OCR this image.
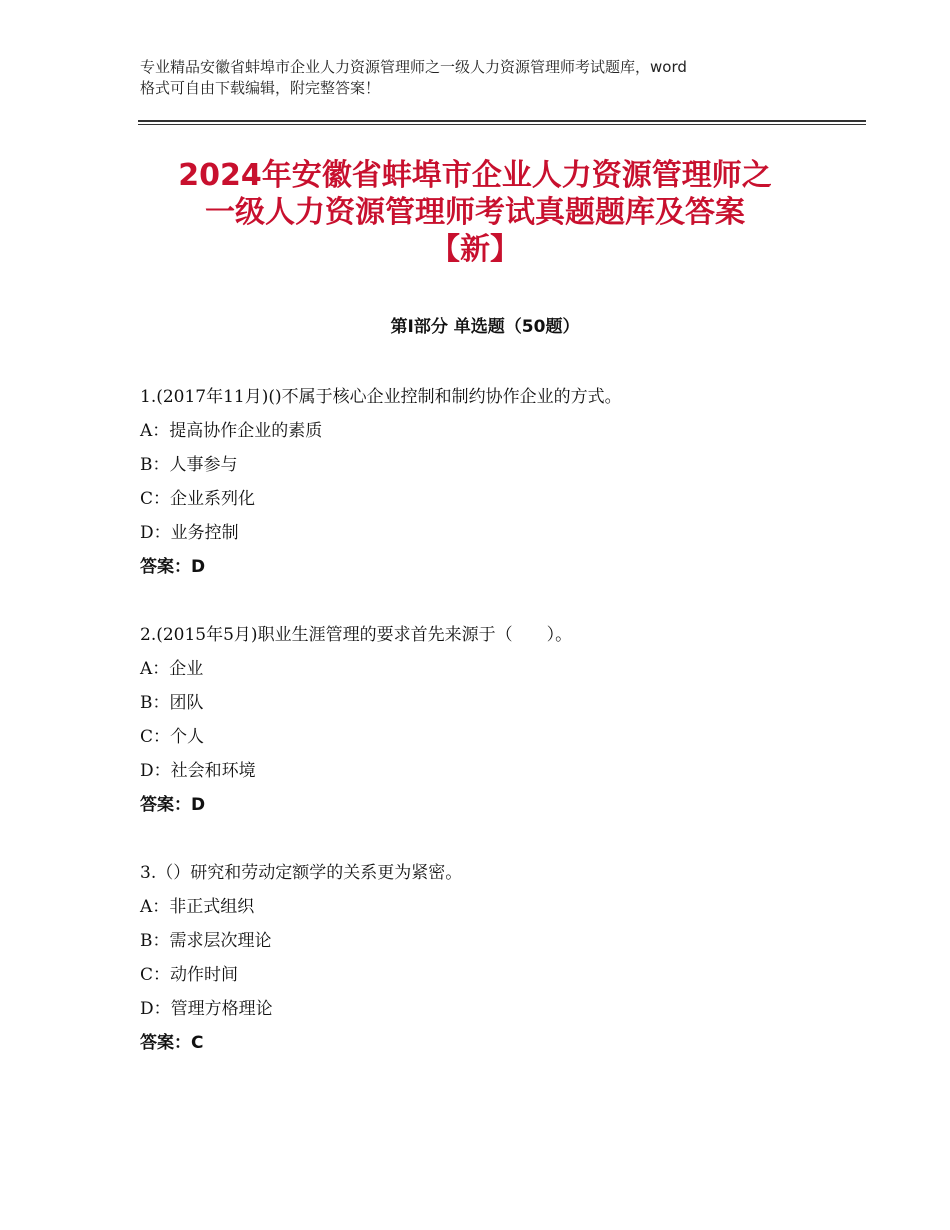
专业精品安徽省蚌埠市企业人力资源管理师之一级人力资源管理师考试题库，word
格式可自由下载编辑，附完整答案！
2024年安徽省蚌埠市企业人力资源管理师之
一级人力资源管理师考试真题题库及答案
【新】
第Ⅰ部分 单选题（50题）
1.(2017年11月)()不属于核心企业控制和制约协作企业的方式。
A：提高协作企业的素质
B：人事参与
C：企业系列化
D：业务控制
答案：D
2.(2015年5月)职业生涯管理的要求首先来源于（　　）。
A：企业
B：团队
C：个人
D：社会和环境
答案：D
3.（）研究和劳动定额学的关系更为紧密。
A：非正式组织
B：需求层次理论
C：动作时间
D：管理方格理论
答案：C
